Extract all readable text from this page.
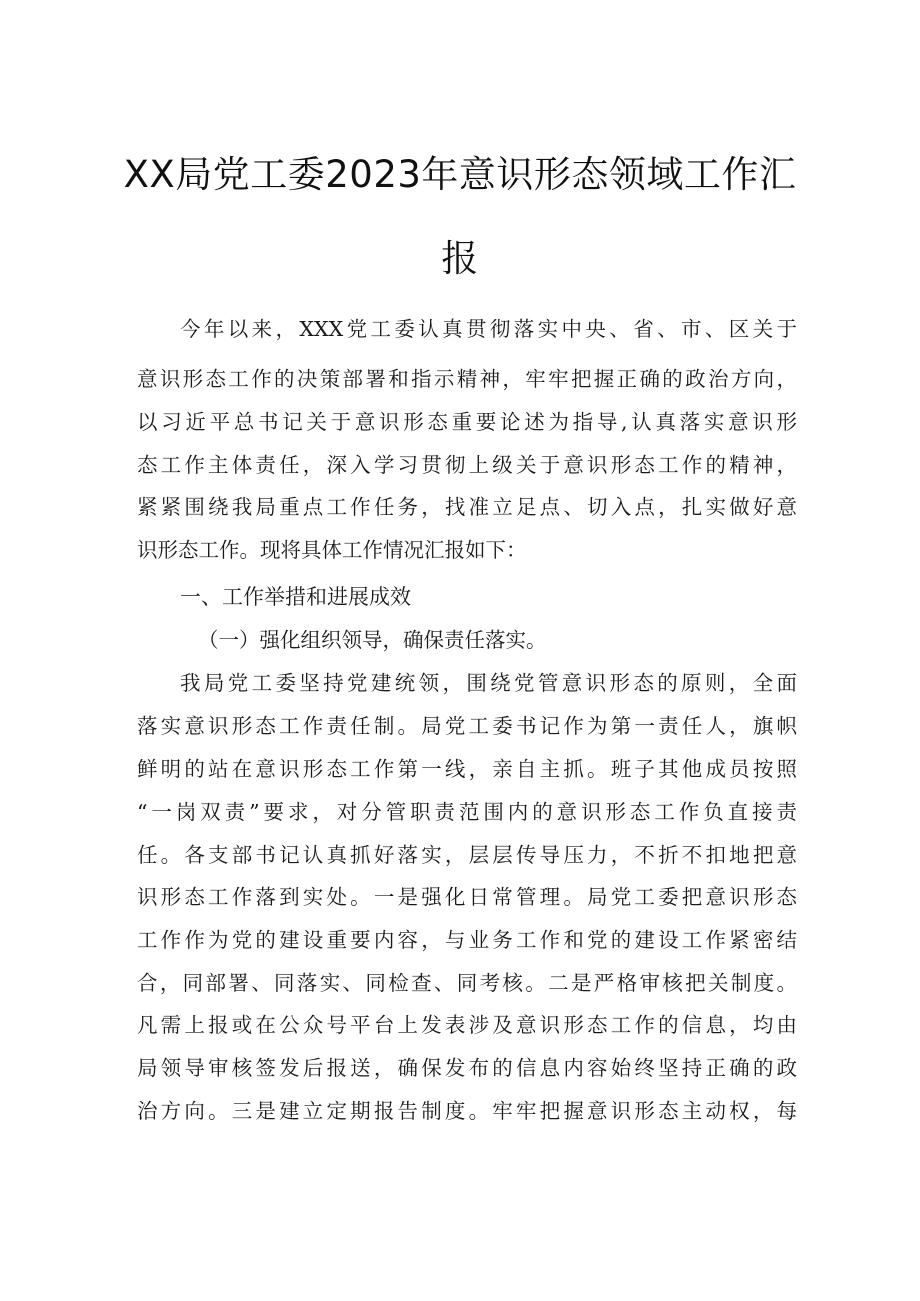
XX局党工委2023年意识形态领域工作汇
报
今年以来，XXX党工委认真贯彻落实中央、省、市、区关于
意识形态工作的决策部署和指示精神，牢牢把握正确的政治方向，
以习近平总书记关于意识形态重要论述为指导,认真落实意识形
态工作主体责任，深入学习贯彻上级关于意识形态工作的精神，
紧紧围绕我局重点工作任务，找准立足点、切入点，扎实做好意
识形态工作。现将具体工作情况汇报如下：
一、工作举措和进展成效
（一）强化组织领导，确保责任落实。
我局党工委坚持党建统领，围绕党管意识形态的原则，全面
落实意识形态工作责任制。局党工委书记作为第一责任人，旗帜
鲜明的站在意识形态工作第一线，亲自主抓。班子其他成员按照
“一岗双责”要求，对分管职责范围内的意识形态工作负直接责
任。各支部书记认真抓好落实，层层传导压力，不折不扣地把意
识形态工作落到实处。一是强化日常管理。局党工委把意识形态
工作作为党的建设重要内容，与业务工作和党的建设工作紧密结
合，同部署、同落实、同检查、同考核。二是严格审核把关制度。
凡需上报或在公众号平台上发表涉及意识形态工作的信息，均由
局领导审核签发后报送，确保发布的信息内容始终坚持正确的政
治方向。三是建立定期报告制度。牢牢把握意识形态主动权，每
